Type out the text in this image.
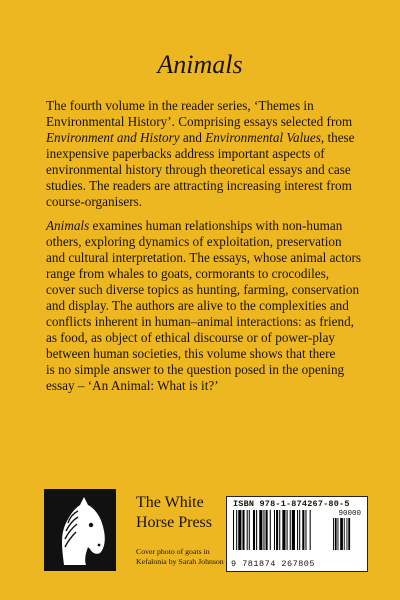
Animals

The fourth volume in the reader series, ‘Themes in

Environmental History’. Comprising essays selected from

Environment and History and Environmental Values, these

inexpensive paperbacks address important aspects of

environmental history through theoretical essays and case

studies. The readers are attracting increasing interest from

course-organisers.

Animals examines human relationships with non-human

others, exploring dynamics of exploitation, preservation

and cultural interpretation. The essays, whose animal actors

range from whales to goats, cormorants to crocodiles,

cover such diverse topics as hunting, farming, conservation

and display. The authors are alive to the complexities and

conflicts inherent in human–animal interactions: as friend,

as food, as object of ethical discourse or of power-play

between human societies, this volume shows that there

is no simple answer to the question posed in the opening

essay – ‘An Animal: What is it?’

The White
Horse Press
Cover photo of goats in
Kefalonia by Sarah Johnson
ISBN 978-1-874267-80-5
90000
9 781874 267805
